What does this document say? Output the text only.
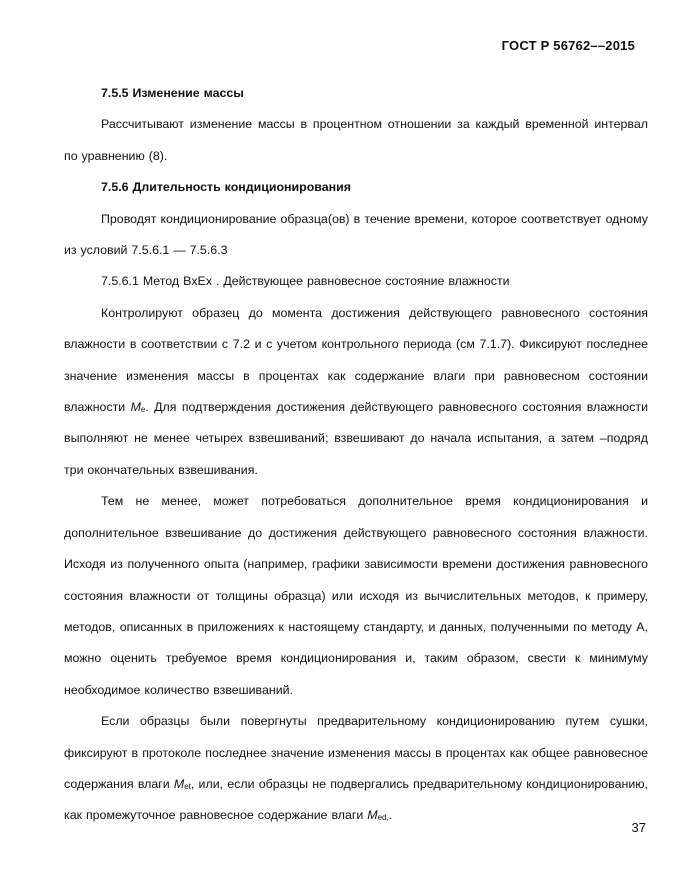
ГОСТ Р 56762––2015

7.5.5 Изменение массы

Рассчитывают изменение массы в процентном отношении за каждый временной интервал по уравнению (8).

7.5.6 Длительность кондиционирования

Проводят кондиционирование образца(ов) в течение времени, которое соответствует одному из условий 7.5.6.1 — 7.5.6.3

7.5.6.1 Метод BxEx . Действующее равновесное состояние влажности

Контролируют образец до момента достижения действующего равновесного состояния влажности в соответствии с 7.2 и с учетом контрольного периода (см 7.1.7). Фиксируют последнее значение изменения массы в процентах как содержание влаги при равновесном состоянии влажности $M_e$. Для подтверждения достижения действующего равновесного состояния влажности выполняют не менее четырех взвешиваний; взвешивают до начала испытания, а затем –подряд три окончательных взвешивания.

Тем не менее, может потребоваться дополнительное время кондиционирования и дополнительное взвешивание до достижения действующего равновесного состояния влажности. Исходя из полученного опыта (например, графики зависимости времени достижения равновесного состояния влажности от толщины образца) или исходя из вычислительных методов, к примеру, методов, описанных в приложениях к настоящему стандарту, и данных, полученными по методу А, можно оценить требуемое время кондиционирования и, таким образом, свести к минимуму необходимое количество взвешиваний.

Если образцы были повергнуты предварительному кондиционированию путем сушки, фиксируют в протоколе последнее значение изменения массы в процентах как общее равновесное содержания влаги $M_{et}$, или, если образцы не подвергались предварительному кондиционированию, как промежуточное равновесное содержание влаги $M_{ed,}$.

37
